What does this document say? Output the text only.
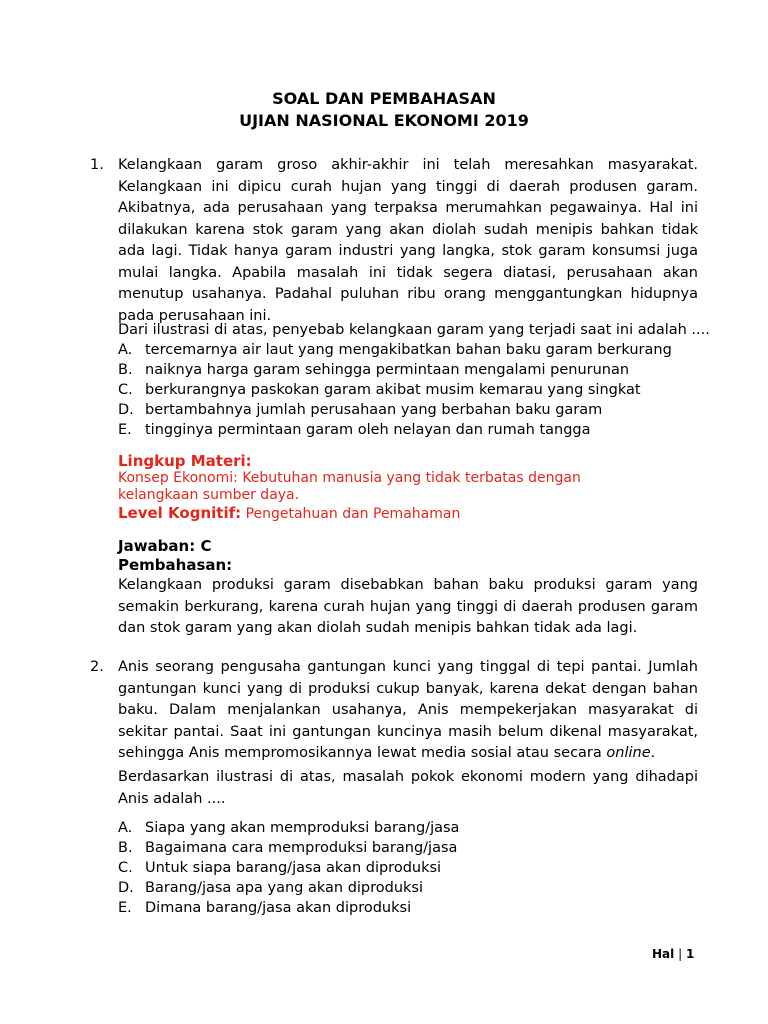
SOAL DAN PEMBAHASAN
UJIAN NASIONAL EKONOMI 2019
1. Kelangkaan garam groso akhir-akhir ini telah meresahkan masyarakat. Kelangkaan ini dipicu curah hujan yang tinggi di daerah produsen garam. Akibatnya, ada perusahaan yang terpaksa merumahkan pegawainya. Hal ini dilakukan karena stok garam yang akan diolah sudah menipis bahkan tidak ada lagi. Tidak hanya garam industri yang langka, stok garam konsumsi juga mulai langka. Apabila masalah ini tidak segera diatasi, perusahaan akan menutup usahanya. Padahal puluhan ribu orang menggantungkan hidupnya pada perusahaan ini.
Dari ilustrasi di atas, penyebab kelangkaan garam yang terjadi saat ini adalah ....
A. tercemarnya air laut yang mengakibatkan bahan baku garam berkurang
B. naiknya harga garam sehingga permintaan mengalami penurunan
C. berkurangnya paskokan garam akibat musim kemarau yang singkat
D. bertambahnya jumlah perusahaan yang berbahan baku garam
E. tingginya permintaan garam oleh nelayan dan rumah tangga
Lingkup Materi:
Konsep Ekonomi: Kebutuhan manusia yang tidak terbatas dengan kelangkaan sumber daya.
Level Kognitif: Pengetahuan dan Pemahaman
Jawaban: C
Pembahasan:
Kelangkaan produksi garam disebabkan bahan baku produksi garam yang semakin berkurang, karena curah hujan yang tinggi di daerah produsen garam dan stok garam yang akan diolah sudah menipis bahkan tidak ada lagi.
2. Anis seorang pengusaha gantungan kunci yang tinggal di tepi pantai. Jumlah gantungan kunci yang di produksi cukup banyak, karena dekat dengan bahan baku. Dalam menjalankan usahanya, Anis mempekerjakan masyarakat di sekitar pantai. Saat ini gantungan kuncinya masih belum dikenal masyarakat, sehingga Anis mempromosikannya lewat media sosial atau secara online.
Berdasarkan ilustrasi di atas, masalah pokok ekonomi modern yang dihadapi Anis adalah ....
A. Siapa yang akan memproduksi barang/jasa
B. Bagaimana cara memproduksi barang/jasa
C. Untuk siapa barang/jasa akan diproduksi
D. Barang/jasa apa yang akan diproduksi
E. Dimana barang/jasa akan diproduksi
Hal | 1
